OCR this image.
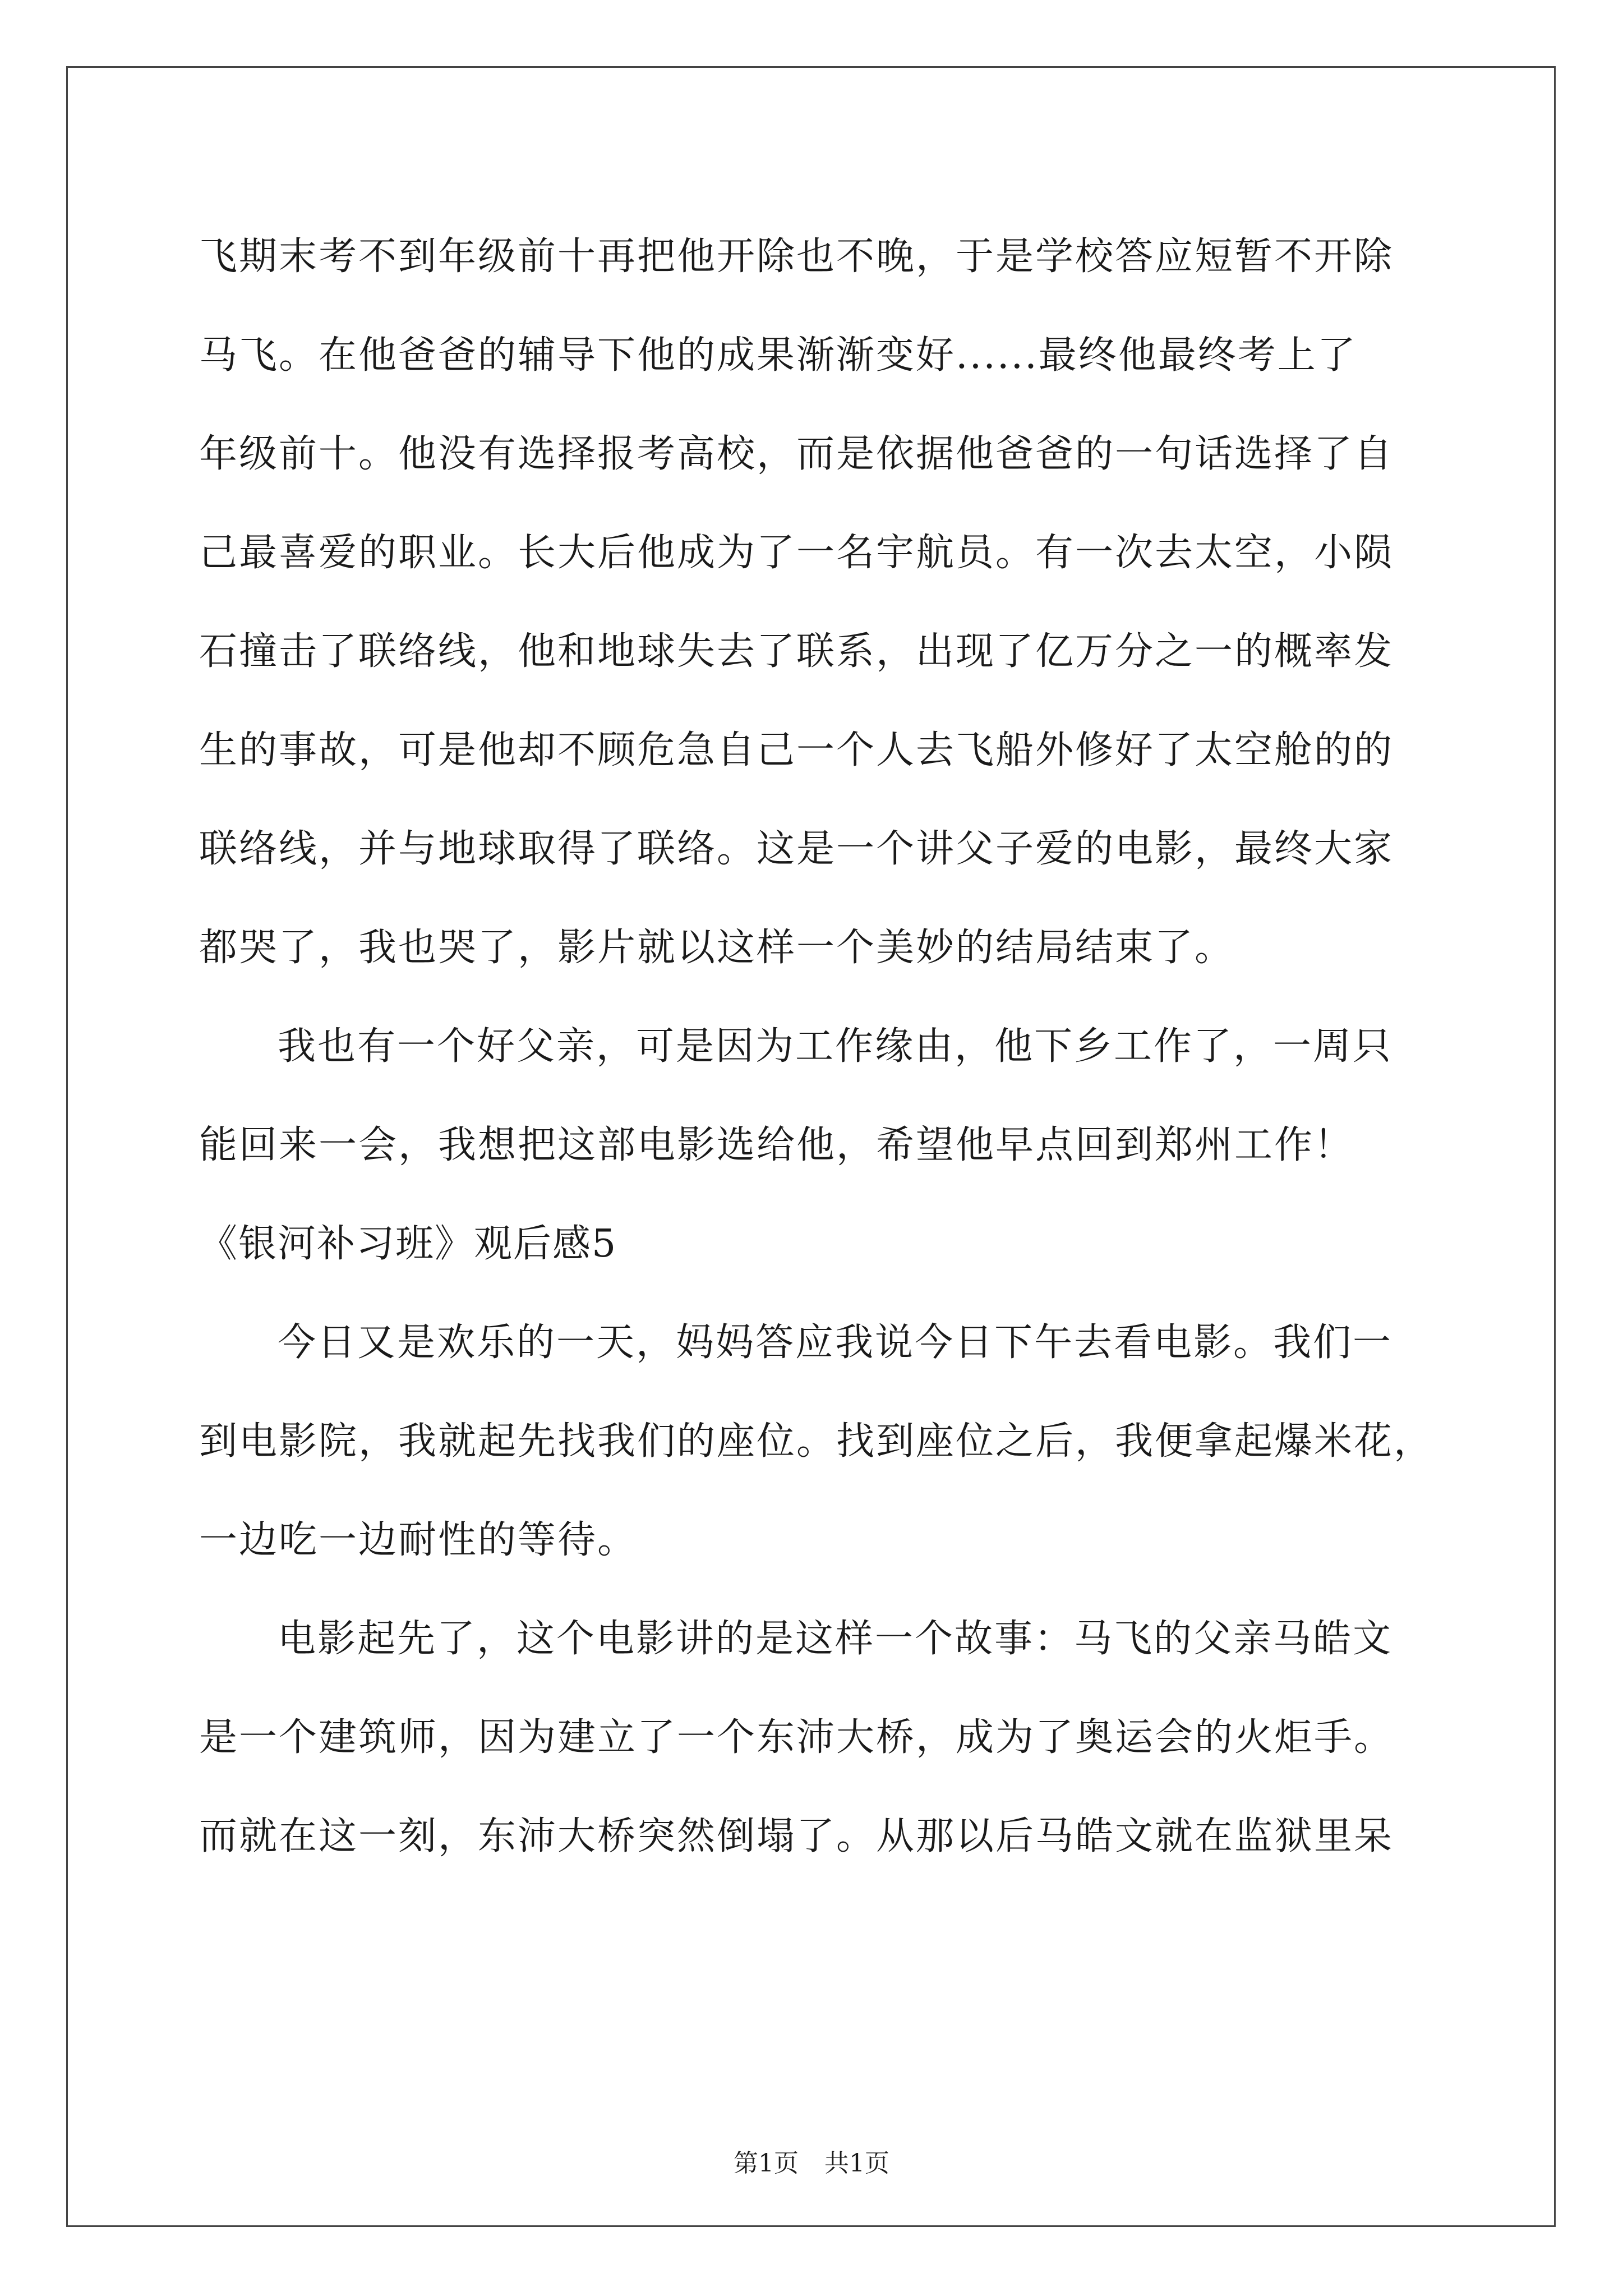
飞期末考不到年级前十再把他开除也不晚，于是学校答应短暂不开除

马飞。在他爸爸的辅导下他的成果渐渐变好......最终他最终考上了

年级前十。他没有选择报考高校，而是依据他爸爸的一句话选择了自

己最喜爱的职业。长大后他成为了一名宇航员。有一次去太空，小陨

石撞击了联络线，他和地球失去了联系，出现了亿万分之一的概率发

生的事故，可是他却不顾危急自己一个人去飞船外修好了太空舱的的

联络线，并与地球取得了联络。这是一个讲父子爱的电影，最终大家

都哭了，我也哭了，影片就以这样一个美妙的结局结束了。

我也有一个好父亲，可是因为工作缘由，他下乡工作了，一周只

能回来一会，我想把这部电影选给他，希望他早点回到郑州工作！

《银河补习班》观后感5

今日又是欢乐的一天，妈妈答应我说今日下午去看电影。我们一

到电影院，我就起先找我们的座位。找到座位之后，我便拿起爆米花，

一边吃一边耐性的等待。

电影起先了，这个电影讲的是这样一个故事：马飞的父亲马皓文

是一个建筑师，因为建立了一个东沛大桥，成为了奥运会的火炬手。

而就在这一刻，东沛大桥突然倒塌了。从那以后马皓文就在监狱里呆

第1页 共1页
